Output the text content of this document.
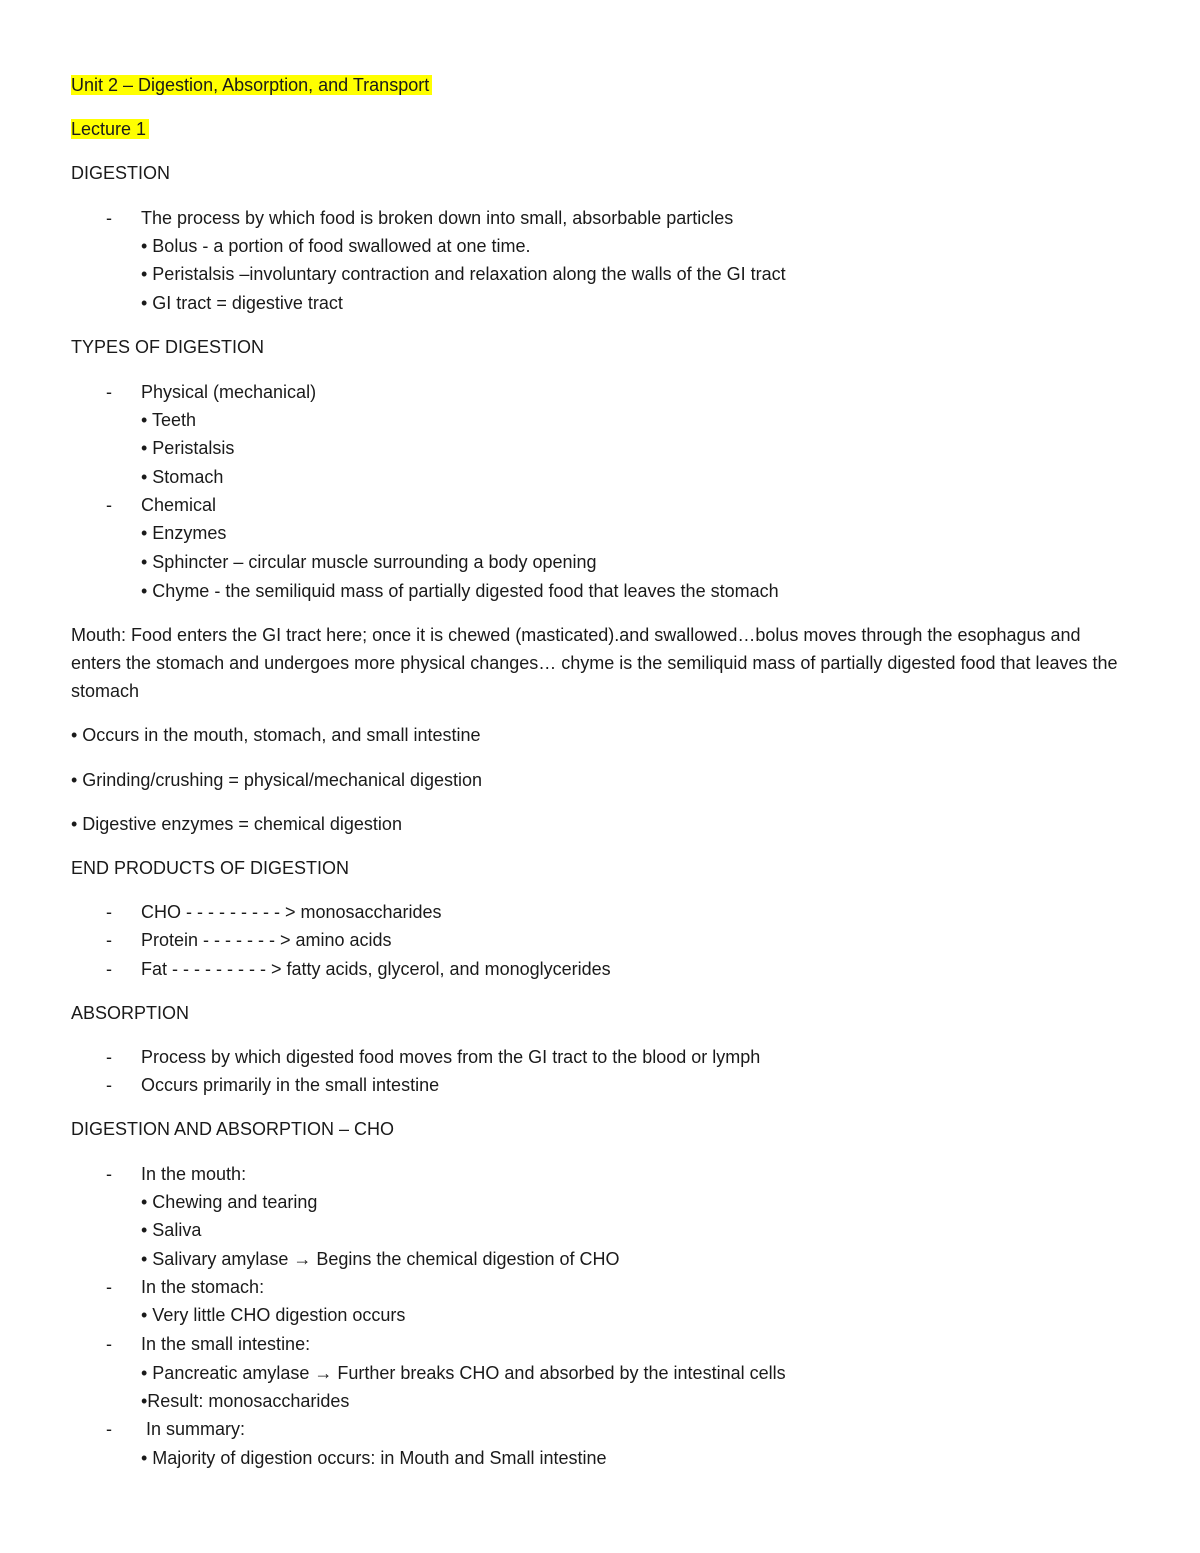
Unit 2 – Digestion, Absorption, and Transport
Lecture 1
DIGESTION
- The process by which food is broken down into small, absorbable particles
• Bolus - a portion of food swallowed at one time.
• Peristalsis –involuntary contraction and relaxation along the walls of the GI tract
• GI tract = digestive tract
TYPES OF DIGESTION
- Physical (mechanical)
• Teeth
• Peristalsis
• Stomach
- Chemical
• Enzymes
• Sphincter – circular muscle surrounding a body opening
• Chyme - the semiliquid mass of partially digested food that leaves the stomach
Mouth: Food enters the GI tract here; once it is chewed (masticated).and swallowed…bolus moves through the esophagus and enters the stomach and undergoes more physical changes… chyme is the semiliquid mass of partially digested food that leaves the stomach
• Occurs in the mouth, stomach, and small intestine
• Grinding/crushing = physical/mechanical digestion
• Digestive enzymes = chemical digestion
END PRODUCTS OF DIGESTION
- CHO - - - - - - - - - > monosaccharides
- Protein - - - - - - - > amino acids
- Fat - - - - - - - - - > fatty acids, glycerol, and monoglycerides
ABSORPTION
- Process by which digested food moves from the GI tract to the blood or lymph
- Occurs primarily in the small intestine
DIGESTION AND ABSORPTION – CHO
- In the mouth:
• Chewing and tearing
• Saliva
• Salivary amylase → Begins the chemical digestion of CHO
- In the stomach:
• Very little CHO digestion occurs
- In the small intestine:
• Pancreatic amylase → Further breaks CHO and absorbed by the intestinal cells
•Result: monosaccharides
- In summary:
• Majority of digestion occurs: in Mouth and Small intestine
